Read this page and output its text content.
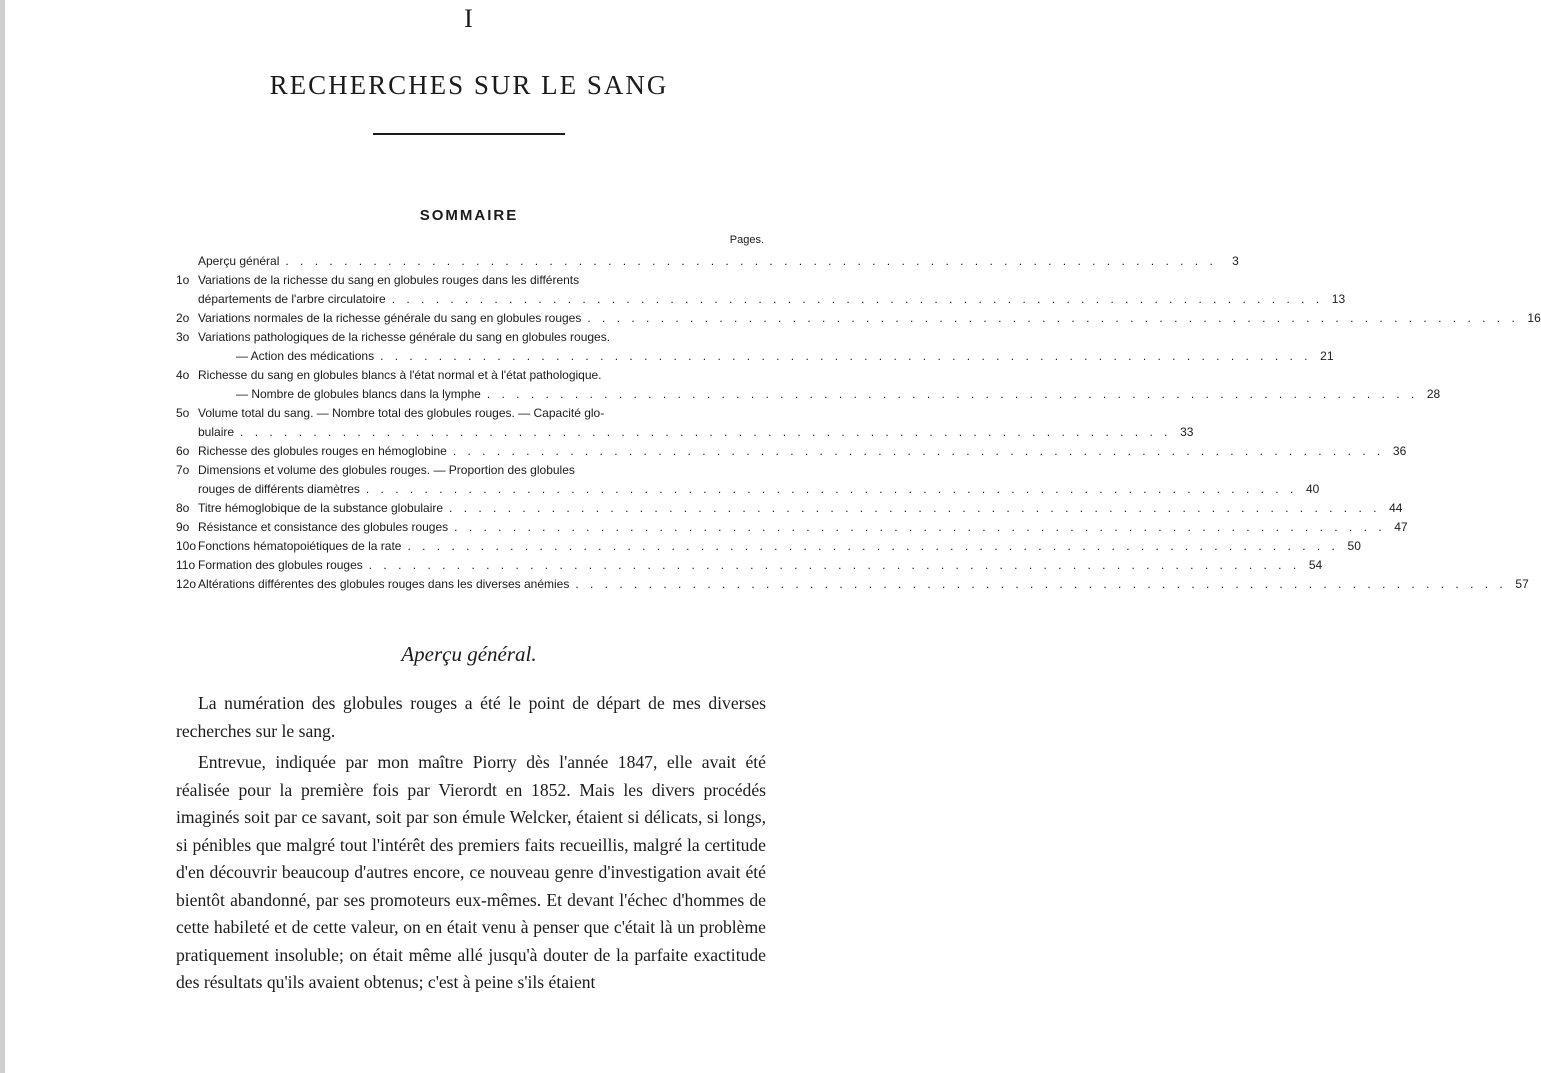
I
RECHERCHES SUR LE SANG
SOMMAIRE
Pages.
Aperçu général . . . . . . . . . . . . . . . . . . . . . . . . . . . . . . . . . . . . . . . . . . . . . . . . . . . . . . . . . . . . . . . .	3
1o Variations de la richesse du sang en globules rouges dans les différents
départements de l'arbre circulatoire . . . . . . . . . . . . . . . . . . . . . . . . . . . . . . . . . . . . . . . . . . . . . . . . . . . . . . . . . . . . . . . . 13
2o Variations normales de la richesse générale du sang en globules rouges . . . . . . . . . . . . . . . . . . . . . . . . . . . . . . . . . . . . . . . . . . . . . . . . . . . . . . . . . . . . . . . . 16
3o Variations pathologiques de la richesse générale du sang en globules rouges.
— Action des médications . . . . . . . . . . . . . . . . . . . . . . . . . . . . . . . . . . . . . . . . . . . . . . . . . . . . . . . . . . . . . . . . 21
4o Richesse du sang en globules blancs à l'état normal et à l'état pathologique.
— Nombre de globules blancs dans la lymphe . . . . . . . . . . . . . . . . . . . . . . . . . . . . . . . . . . . . . . . . . . . . . . . . . . . . . . . . . . . . . . . . 28
5o Volume total du sang. — Nombre total des globules rouges. — Capacité glo-
bulaire . . . . . . . . . . . . . . . . . . . . . . . . . . . . . . . . . . . . . . . . . . . . . . . . . . . . . . . . . . . . . . . . 33
6o Richesse des globules rouges en hémoglobine . . . . . . . . . . . . . . . . . . . . . . . . . . . . . . . . . . . . . . . . . . . . . . . . . . . . . . . . . . . . . . . . 36
7o Dimensions et volume des globules rouges. — Proportion des globules
rouges de différents diamètres . . . . . . . . . . . . . . . . . . . . . . . . . . . . . . . . . . . . . . . . . . . . . . . . . . . . . . . . . . . . . . . . 40
8o Titre hémoglobique de la substance globulaire . . . . . . . . . . . . . . . . . . . . . . . . . . . . . . . . . . . . . . . . . . . . . . . . . . . . . . . . . . . . . . . . 44
9o Résistance et consistance des globules rouges . . . . . . . . . . . . . . . . . . . . . . . . . . . . . . . . . . . . . . . . . . . . . . . . . . . . . . . . . . . . . . . . 47
10o Fonctions hématopoiétiques de la rate . . . . . . . . . . . . . . . . . . . . . . . . . . . . . . . . . . . . . . . . . . . . . . . . . . . . . . . . . . . . . . . . 50
11o Formation des globules rouges . . . . . . . . . . . . . . . . . . . . . . . . . . . . . . . . . . . . . . . . . . . . . . . . . . . . . . . . . . . . . . . . 54
12o Altérations différentes des globules rouges dans les diverses anémies . . . . . . . . . . . . . . . . . . . . . . . . . . . . . . . . . . . . . . . . . . . . . . . . . . . . . . . . . . . . . . . . 57
Aperçu général.

La numération des globules rouges a été le point de départ de mes diverses recherches sur le sang.

Entrevue, indiquée par mon maître Piorry dès l'année 1847, elle avait été réalisée pour la première fois par Vierordt en 1852. Mais les divers procédés imaginés soit par ce savant, soit par son émule Welcker, étaient si délicats, si longs, si pénibles que malgré tout l'intérêt des premiers faits recueillis, malgré la certitude d'en découvrir beaucoup d'autres encore, ce nouveau genre d'investigation avait été bientôt abandonné, par ses promoteurs eux-mêmes. Et devant l'échec d'hommes de cette habileté et de cette valeur, on en était venu à penser que c'était là un problème pratiquement insoluble; on était même allé jusqu'à douter de la parfaite exactitude des résultats qu'ils avaient obtenus; c'est à peine s'ils étaient
